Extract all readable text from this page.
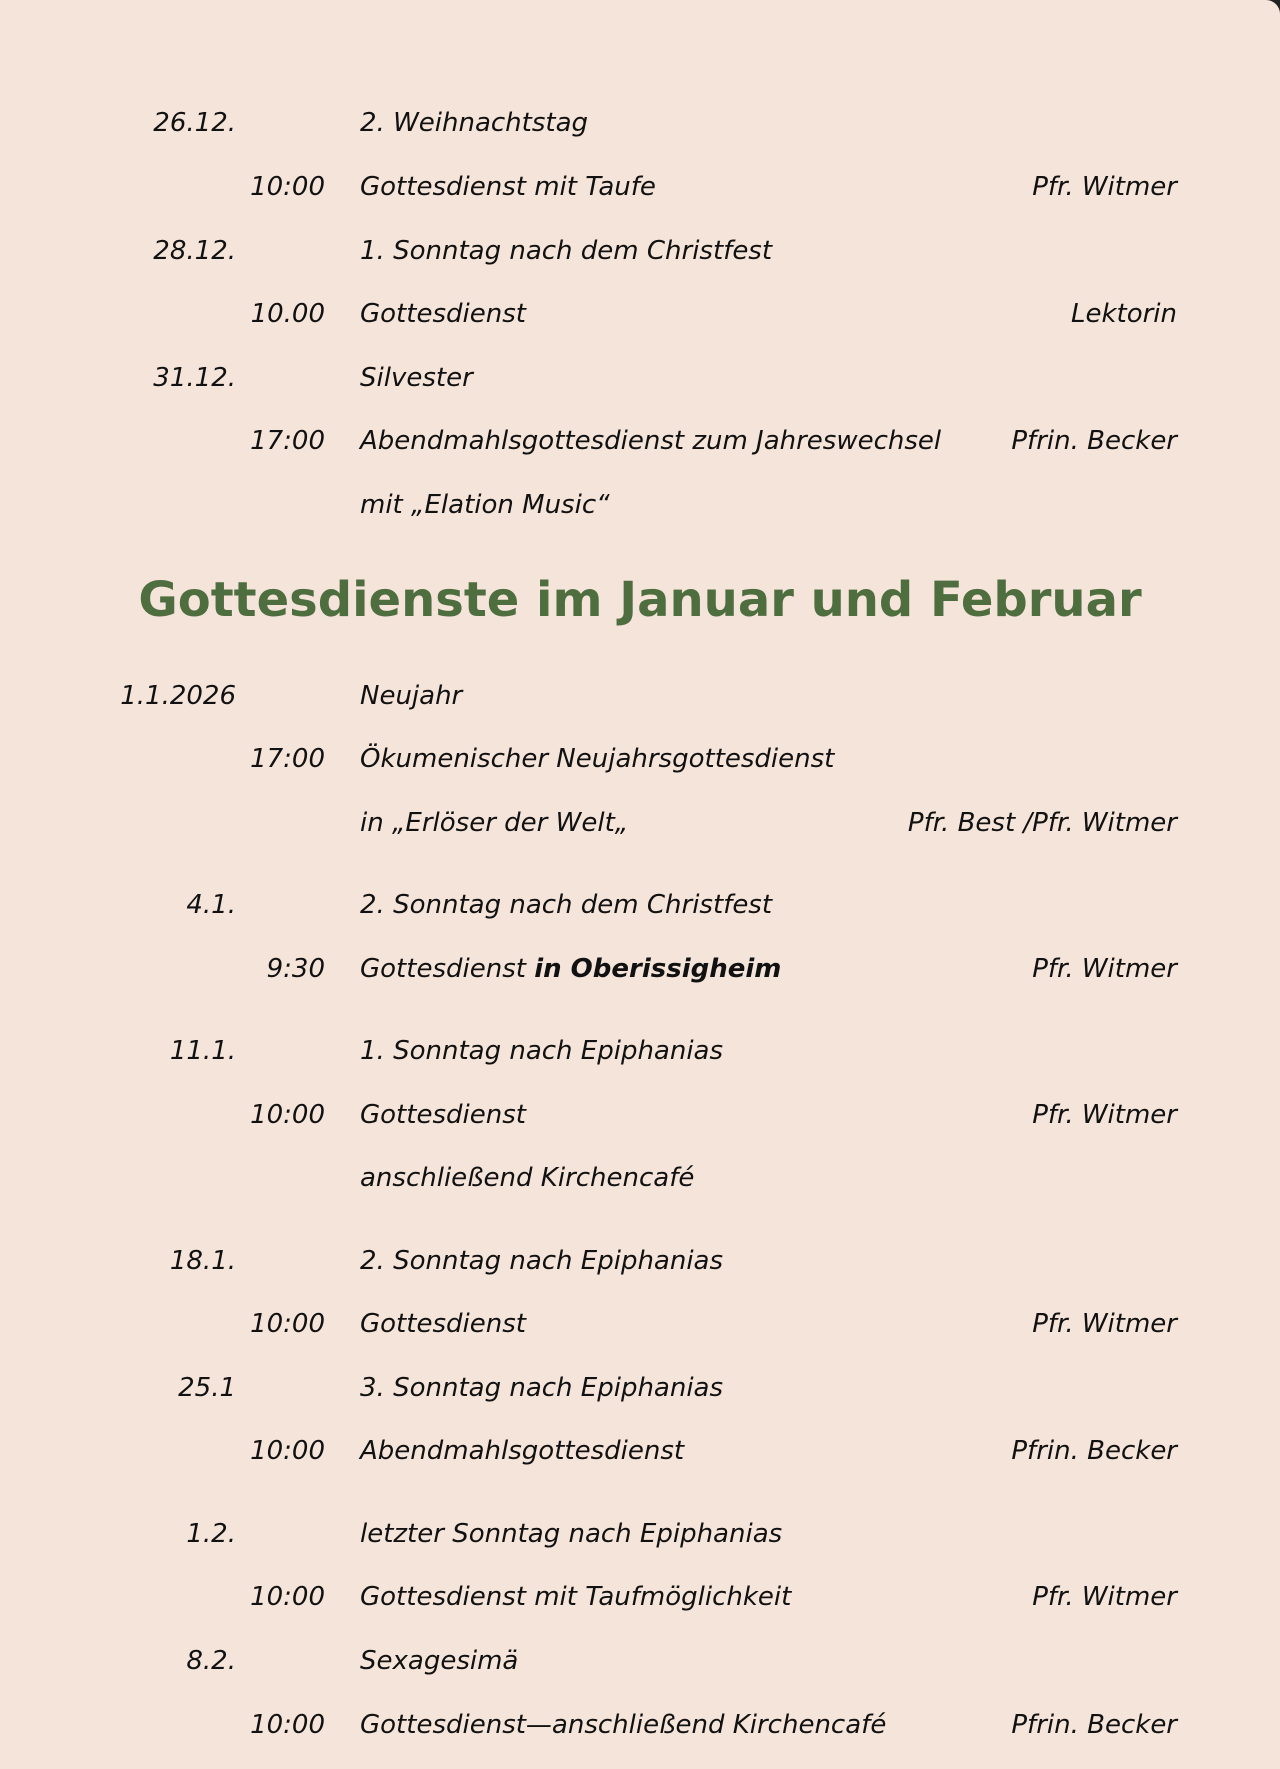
26.12.	2. Weihnachtstag
10:00 Gottesdienst mit Taufe	Pfr. Witmer
28.12.	1. Sonntag nach dem Christfest
10.00 Gottesdienst	Lektorin
31.12.	Silvester
17:00 Abendmahlsgottesdienst zum Jahreswechsel	Pfrin. Becker
mit „Elation Music“
Gottesdienste im Januar und Februar
1.1.2026	Neujahr
17:00 Ökumenischer Neujahrsgottesdienst
in „Erlöser der Welt„	Pfr. Best /Pfr. Witmer
4.1.	2. Sonntag nach dem Christfest
9:30 Gottesdienst in Oberissigheim	Pfr. Witmer
11.1.	1. Sonntag nach Epiphanias
10:00 Gottesdienst	Pfr. Witmer
anschließend Kirchencafé
18.1.	2. Sonntag nach Epiphanias
10:00 Gottesdienst	Pfr. Witmer
25.1	3. Sonntag nach Epiphanias
10:00 Abendmahlsgottesdienst	Pfrin. Becker
1.2.	letzter Sonntag nach Epiphanias
10:00 Gottesdienst mit Taufmöglichkeit	Pfr. Witmer
8.2.	Sexagesimä
10:00 Gottesdienst—anschließend Kirchencafé	Pfrin. Becker
